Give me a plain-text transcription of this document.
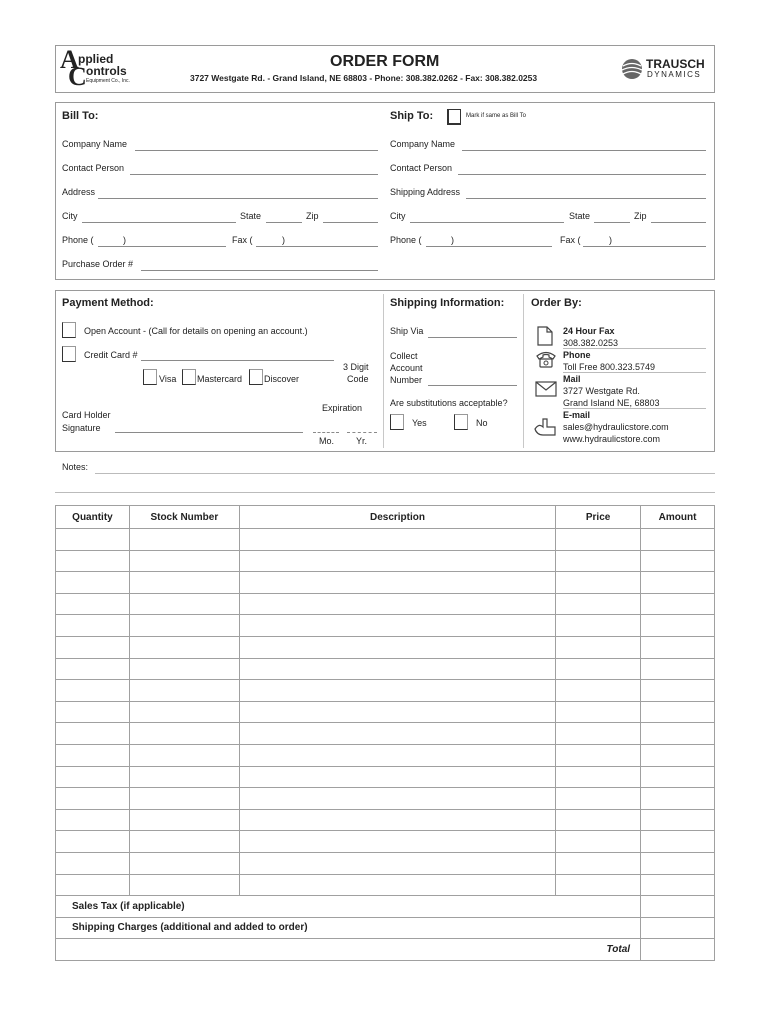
A
C
pplied
ontrols
Equipment Co., Inc.
ORDER FORM
3727 Westgate Rd. - Grand Island, NE 68803 - Phone: 308.382.0262 - Fax: 308.382.0253
TRAUSCH
DYNAMICS
Bill To:
Company Name
Contact Person
Address
City	State	Zip
Phone (	)	Fax (	)
Purchase Order #
Ship To:	Mark if same as Bill To
Company Name
Contact Person
Shipping Address
City	State	Zip
Phone (	)	Fax (	)
Payment Method:
Open Account - (Call for details on opening an account.)
Credit Card #
3 Digit
Code
Visa Mastercard Discover
Expiration
Card Holder
Signature
Mo. Yr.
Shipping Information:
Ship Via
Collect
Account
Number
Are substitutions acceptable?
Yes	No
Order By:
24 Hour Fax
308.382.0253
Phone
Toll Free 800.323.5749
Mail
3727 Westgate Rd.
Grand Island NE, 68803
E-mail
sales@hydraulicstore.com
www.hydraulicstore.com
Notes:
Quantity	Stock Number	Description	Price	Amount

Sales Tax (if applicable)				
Shipping Charges (additional and added to order)				
Total				
